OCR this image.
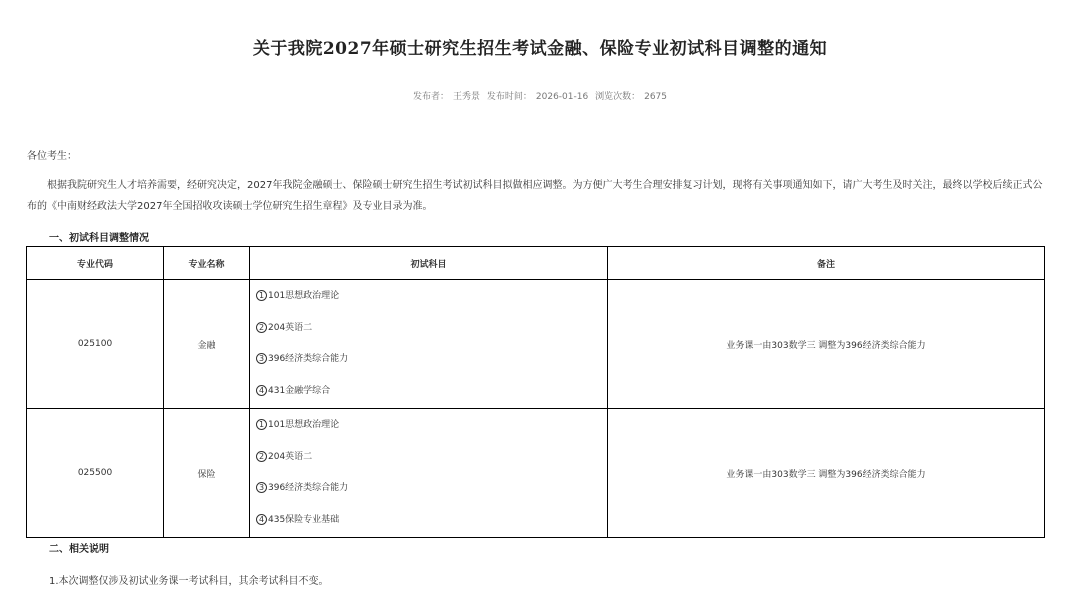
关于我院2027年硕士研究生招生考试金融、保险专业初试科目调整的通知
发布者： 王秀景 发布时间： 2026-01-16 浏览次数： 2675
各位考生：
根据我院研究生人才培养需要，经研究决定，2027年我院金融硕士、保险硕士研究生招生考试初试科目拟做相应调整。为方便广大考生合理安排复习计划，现将有关事项通知如下，请广大考生及时关注，最终以学校后续正式公布的《中南财经政法大学2027年全国招收攻读硕士学位研究生招生章程》及专业目录为准。
一、初试科目调整情况
专业代码	专业名称	初试科目	备注
025100	金融	1 101思想政治理论
2 204英语二
3 396经济类综合能力
4 431金融学综合	业务课一由303数学三 调整为396经济类综合能力
025500	保险	1 101思想政治理论
2 204英语二
3 396经济类综合能力
4 435保险专业基础	业务课一由303数学三 调整为396经济类综合能力
二、相关说明
1.本次调整仅涉及初试业务课一考试科目，其余考试科目不变。
